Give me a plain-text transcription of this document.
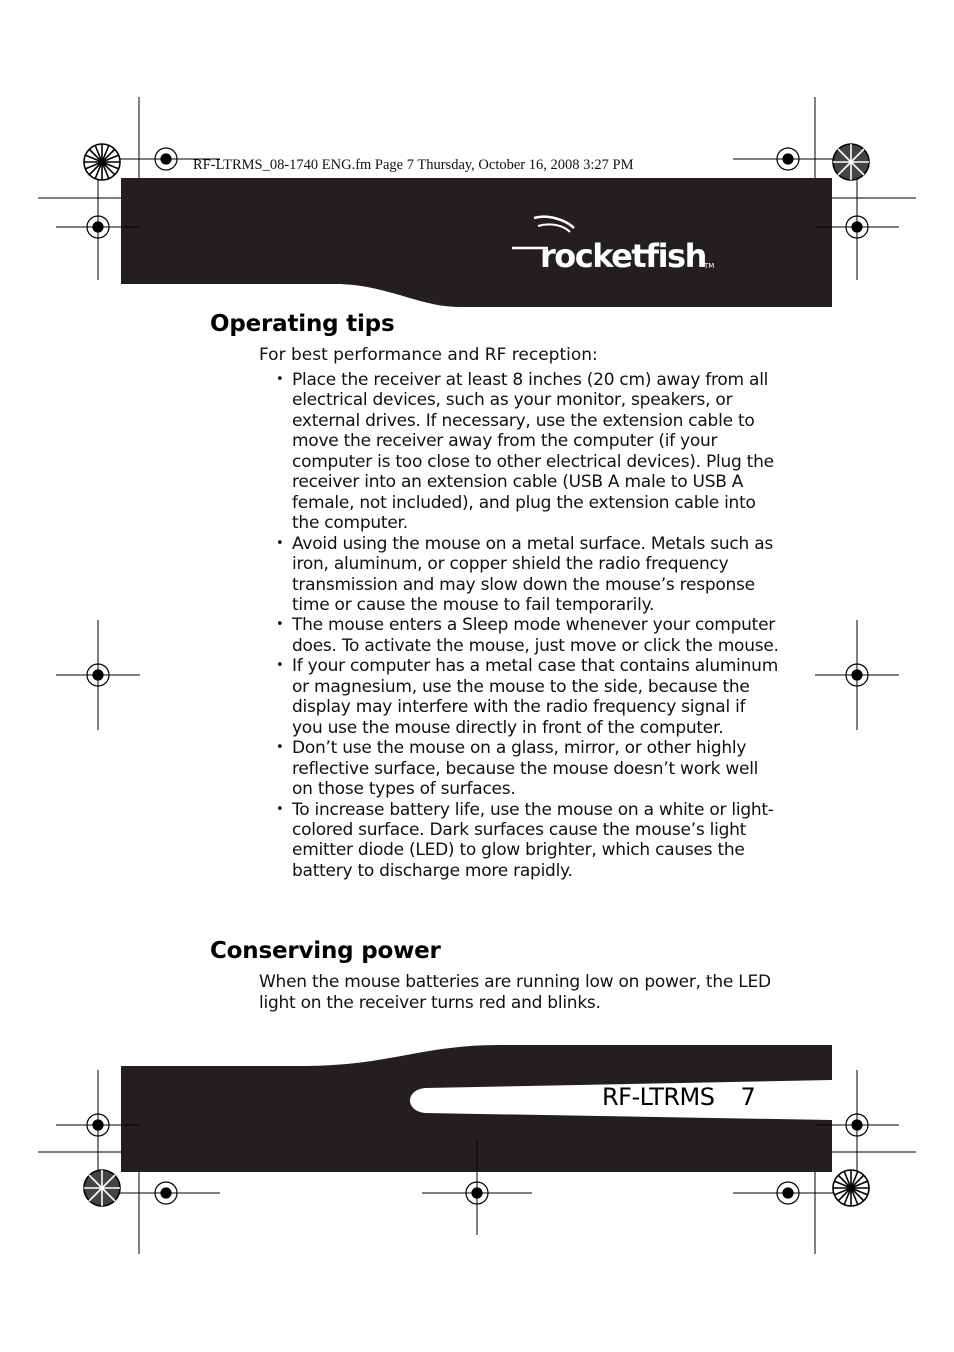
RF-LTRMS_08-1740 ENG.fm Page 7 Thursday, October 16, 2008 3:27 PM
rocketfish
TM
Operating tips
For best performance and RF reception:
• Place the receiver at least 8 inches (20 cm) away from all electrical devices, such as your monitor, speakers, or external drives. If necessary, use the extension cable to move the receiver away from the computer (if your computer is too close to other electrical devices). Plug the receiver into an extension cable (USB A male to USB A female, not included), and plug the extension cable into the computer.
• Avoid using the mouse on a metal surface. Metals such as iron, aluminum, or copper shield the radio frequency transmission and may slow down the mouse’s response time or cause the mouse to fail temporarily.
• The mouse enters a Sleep mode whenever your computer does. To activate the mouse, just move or click the mouse.
• If your computer has a metal case that contains aluminum or magnesium, use the mouse to the side, because the display may interfere with the radio frequency signal if you use the mouse directly in front of the computer.
• Don’t use the mouse on a glass, mirror, or other highly reflective surface, because the mouse doesn’t work well on those types of surfaces.
• To increase battery life, use the mouse on a white or light-colored surface. Dark surfaces cause the mouse’s light emitter diode (LED) to glow brighter, which causes the battery to discharge more rapidly.
Conserving power
When the mouse batteries are running low on power, the LED light on the receiver turns red and blinks.
RF-LTRMS 7
